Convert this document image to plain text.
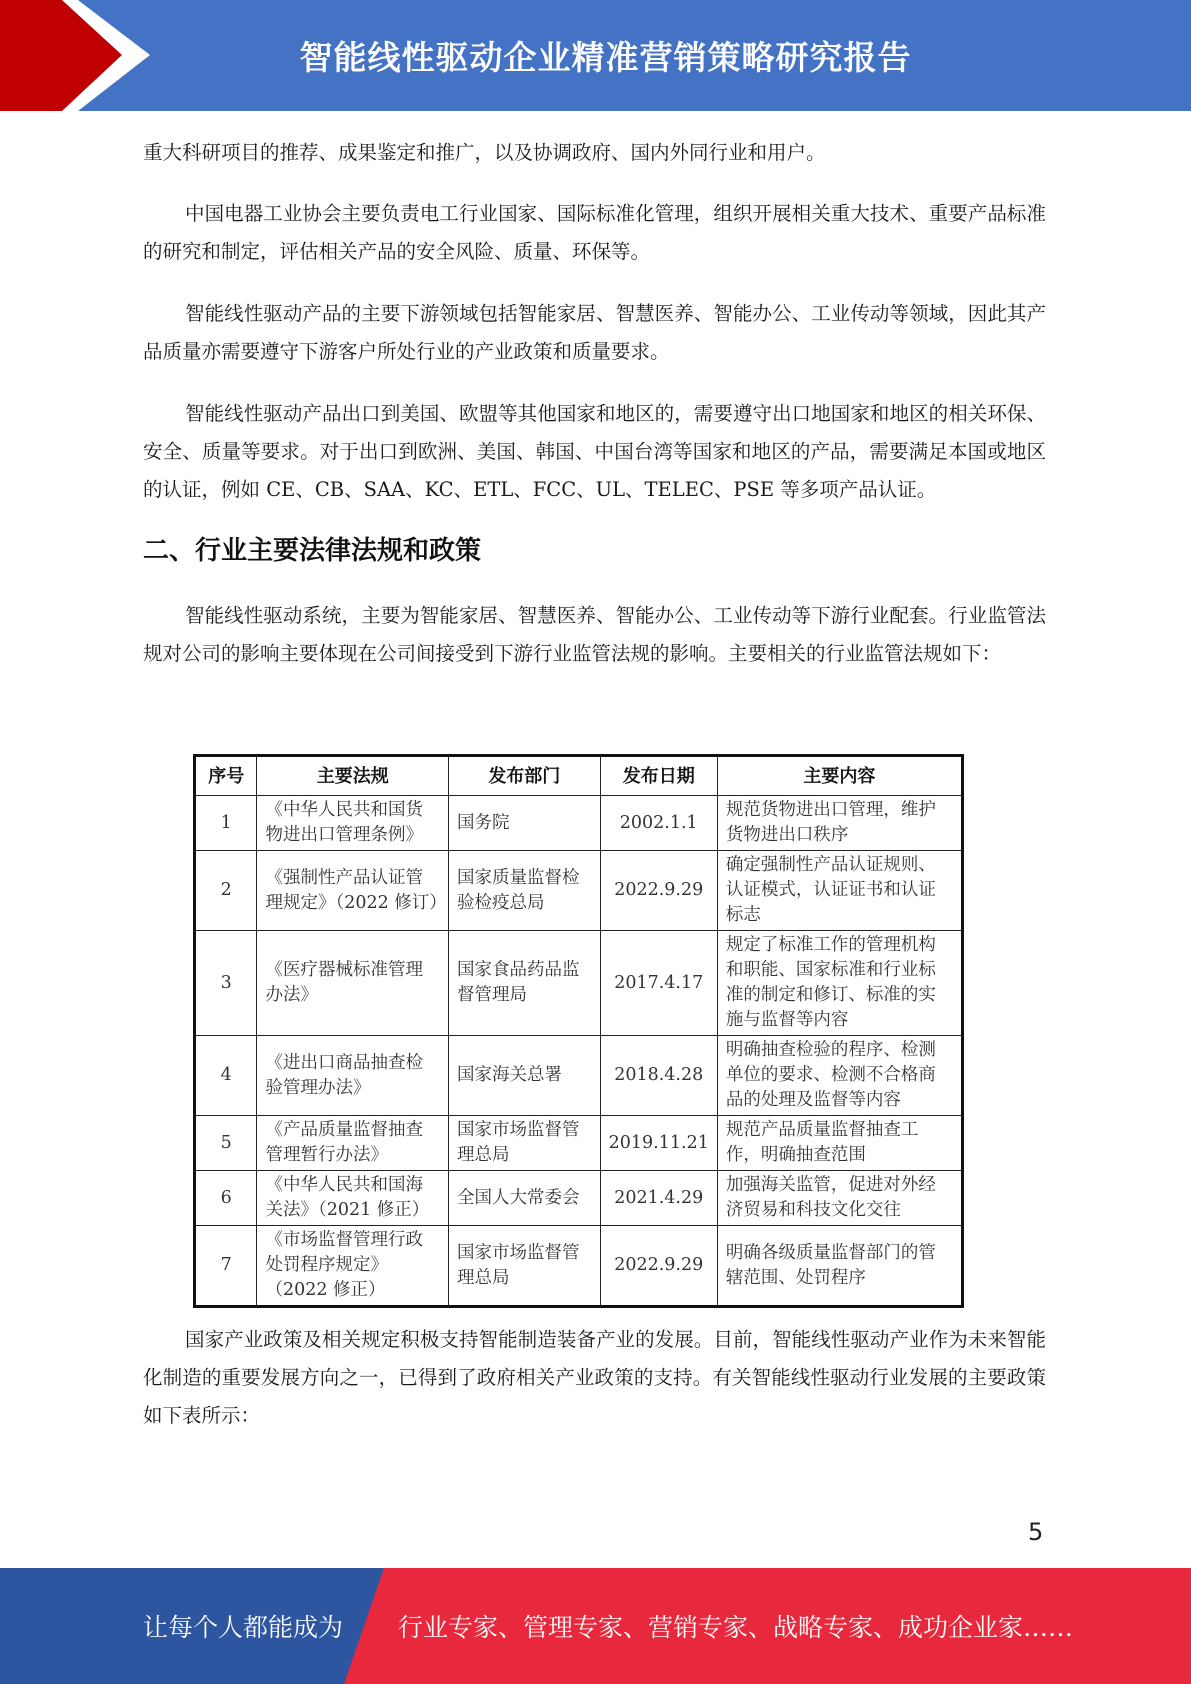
智能线性驱动企业精准营销策略研究报告

重大科研项目的推荐、成果鉴定和推广，以及协调政府、国内外同行业和用户。

中国电器工业协会主要负责电工行业国家、国际标准化管理，组织开展相关重大技术、重要产品标准的研究和制定，评估相关产品的安全风险、质量、环保等。

智能线性驱动产品的主要下游领域包括智能家居、智慧医养、智能办公、工业传动等领域，因此其产品质量亦需要遵守下游客户所处行业的产业政策和质量要求。

智能线性驱动产品出口到美国、欧盟等其他国家和地区的，需要遵守出口地国家和地区的相关环保、安全、质量等要求。对于出口到欧洲、美国、韩国、中国台湾等国家和地区的产品，需要满足本国或地区的认证，例如 CE、CB、SAA、KC、ETL、FCC、UL、TELEC、PSE 等多项产品认证。

二、行业主要法律法规和政策

智能线性驱动系统，主要为智能家居、智慧医养、智能办公、工业传动等下游行业配套。行业监管法规对公司的影响主要体现在公司间接受到下游行业监管法规的影响。主要相关的行业监管法规如下：

序号	主要法规	发布部门	发布日期	主要内容
1	《中华人民共和国货物进出口管理条例》	国务院	2002.1.1	规范货物进出口管理，维护货物进出口秩序
2	《强制性产品认证管理规定》（2022 修订）	国家质量监督检验检疫总局	2022.9.29	确定强制性产品认证规则、认证模式，认证证书和认证标志
3	《医疗器械标准管理办法》	国家食品药品监督管理局	2017.4.17	规定了标准工作的管理机构和职能、国家标准和行业标准的制定和修订、标准的实施与监督等内容
4	《进出口商品抽查检验管理办法》	国家海关总署	2018.4.28	明确抽查检验的程序、检测单位的要求、检测不合格商品的处理及监督等内容
5	《产品质量监督抽查管理暂行办法》	国家市场监督管理总局	2019.11.21	规范产品质量监督抽查工作，明确抽查范围
6	《中华人民共和国海关法》（2021 修正）	全国人大常委会	2021.4.29	加强海关监管，促进对外经济贸易和科技文化交往
7	《市场监督管理行政处罚程序规定》（2022 修正）	国家市场监督管理总局	2022.9.29	明确各级质量监督部门的管辖范围、处罚程序

国家产业政策及相关规定积极支持智能制造装备产业的发展。目前，智能线性驱动产业作为未来智能化制造的重要发展方向之一，已得到了政府相关产业政策的支持。有关智能线性驱动行业发展的主要政策如下表所示：

5
让每个人都能成为 行业专家、管理专家、营销专家、战略专家、成功企业家……
